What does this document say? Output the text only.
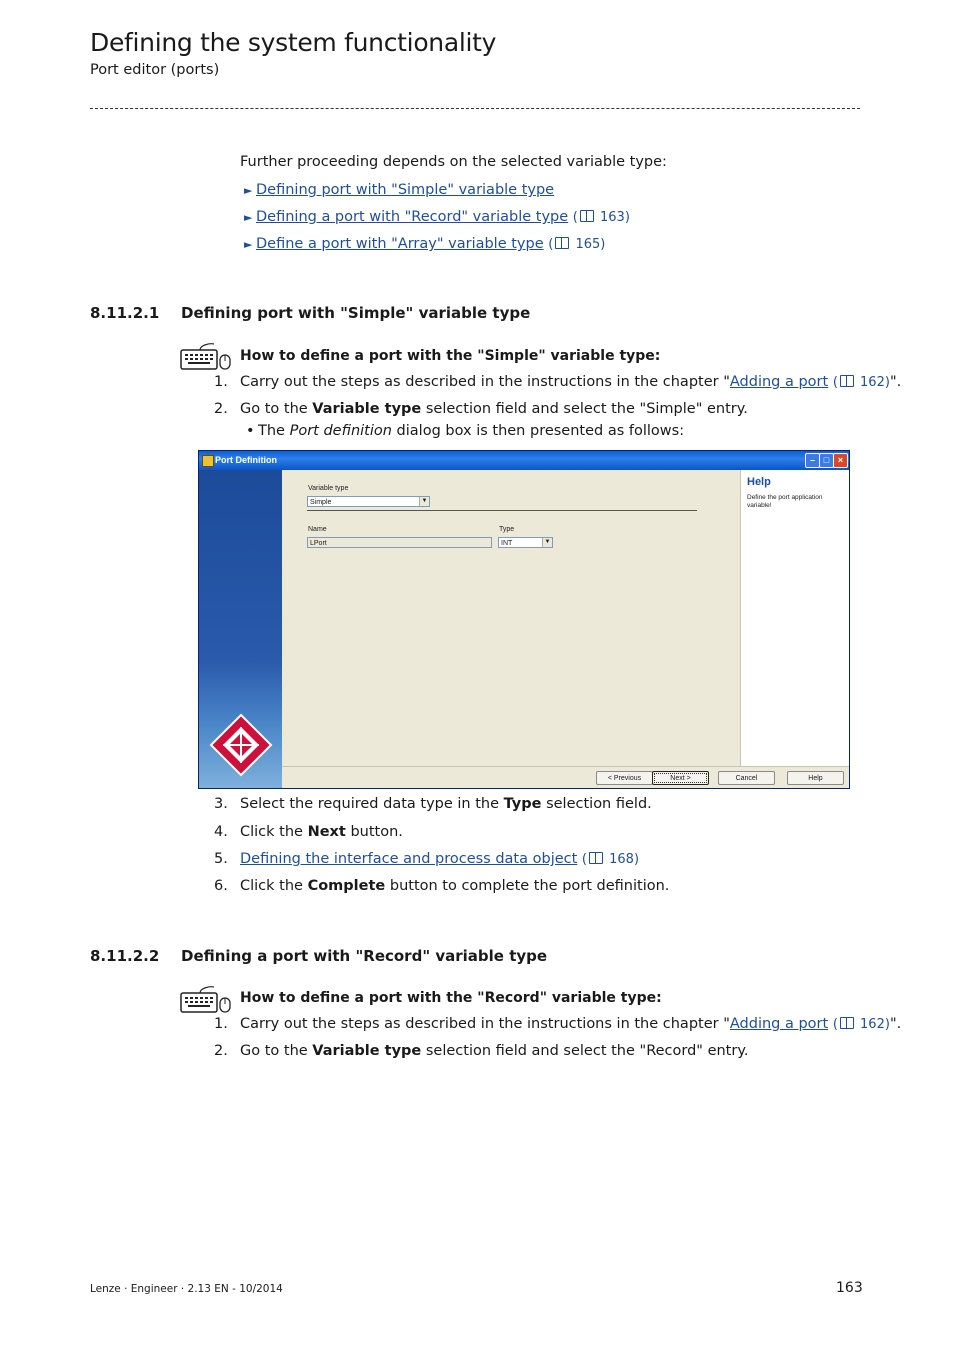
Defining the system functionality
Port editor (ports)
Further proceeding depends on the selected variable type:
► Defining port with "Simple" variable type
► Defining a port with "Record" variable type ( 163)
► Define a port with "Array" variable type ( 165)
8.11.2.1 Defining port with "Simple" variable type
How to define a port with the "Simple" variable type:
1. Carry out the steps as described in the instructions in the chapter "Adding a port ( 162)".
2. Go to the Variable type selection field and select the "Simple" entry.
• The Port definition dialog box is then presented as follows:
Port Definition	– □ ×
Variable type
Simple	▼
Name
LPort
Type
INT	▼
Help
Define the port application variable!
< Previous	Next >	Cancel	Help
3. Select the required data type in the Type selection field.
4. Click the Next button.
5. Defining the interface and process data object ( 168)
6. Click the Complete button to complete the port definition.
8.11.2.2 Defining a port with "Record" variable type
How to define a port with the "Record" variable type:
1. Carry out the steps as described in the instructions in the chapter "Adding a port ( 162)".
2. Go to the Variable type selection field and select the "Record" entry.
Lenze · Engineer · 2.13 EN - 10/2014	163
